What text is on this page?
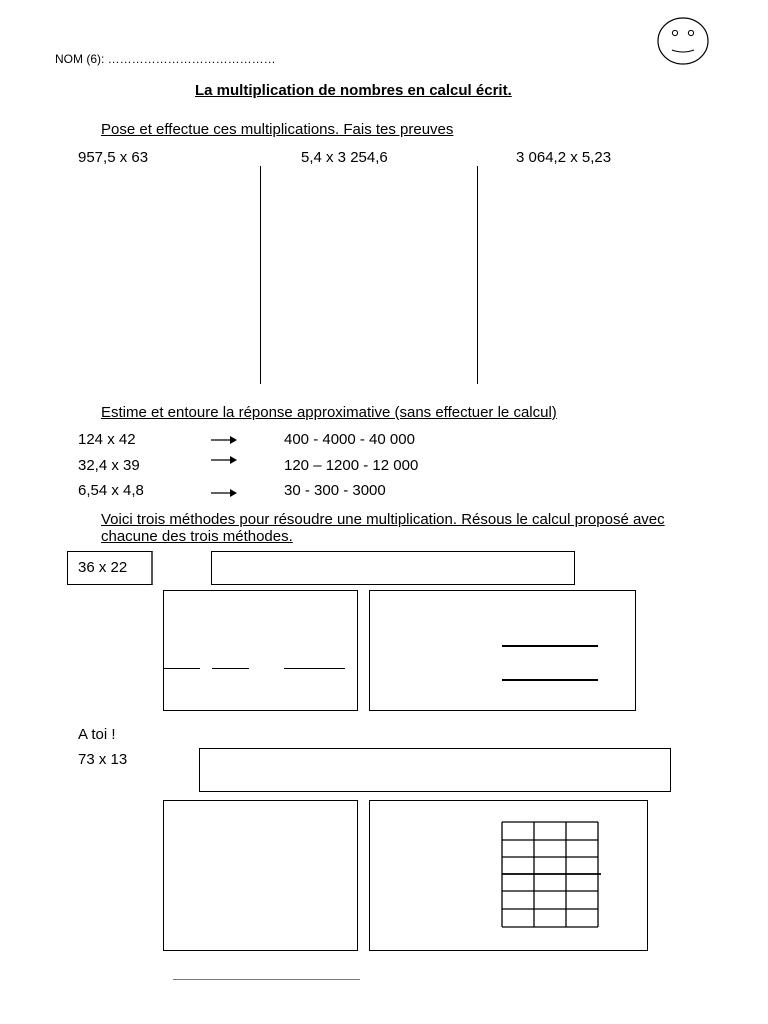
NOM (6): ……………………………………
La multiplication de nombres en calcul écrit.
Pose et effectue ces multiplications. Fais tes preuves
957,5 x 63	5,4 x 3 254,6	3 064,2 x 5,23
Estime et entoure la réponse approximative (sans effectuer le calcul)
124 x 42	400 - 4000 - 40 000
32,4 x 39	120 – 1200 - 12 000
6,54 x 4,8	30 - 300 - 3000
Voici trois méthodes pour résoudre une multiplication. Résous le calcul proposé avec
chacune des trois méthodes.
36 x 22
A toi !
73 x 13
